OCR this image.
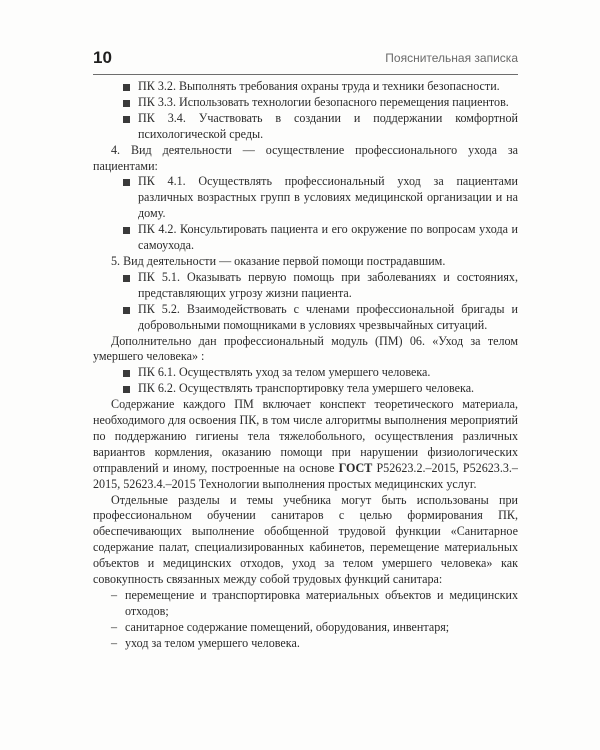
10	Пояснительная записка

ПК 3.2. Выполнять требования охраны труда и техники безопасности.

ПК 3.3. Использовать технологии безопасного перемещения пациентов.

ПК 3.4. Участвовать в создании и поддержании комфортной психологической среды.

4. Вид деятельности — осуществление профессионального ухода за пациентами:

ПК 4.1. Осуществлять профессиональный уход за пациентами различных возрастных групп в условиях медицинской организации и на дому.

ПК 4.2. Консультировать пациента и его окружение по вопросам ухода и самоухода.

5. Вид деятельности — оказание первой помощи пострадавшим.

ПК 5.1. Оказывать первую помощь при заболеваниях и состояниях, представляющих угрозу жизни пациента.

ПК 5.2. Взаимодействовать с членами профессиональной бригады и добровольными помощниками в условиях чрезвычайных ситуаций.

Дополнительно дан профессиональный модуль (ПМ) 06. «Уход за телом умершего человека» :

ПК 6.1. Осуществлять уход за телом умершего человека.

ПК 6.2. Осуществлять транспортировку тела умершего человека.

Содержание каждого ПМ включает конспект теоретического материала, необходимого для освоения ПК, в том числе алгоритмы выполнения мероприятий по поддержанию гигиены тела тяжелобольного, осуществления различных вариантов кормления, оказанию помощи при нарушении физиологических отправлений и иному, построенные на основе ГОСТ Р52623.2.–2015, Р52623.3.–2015, 52623.4.–2015 Технологии выполнения простых медицинских услуг.

Отдельные разделы и темы учебника могут быть использованы при профессиональном обучении санитаров с целью формирования ПК, обеспечивающих выполнение обобщенной трудовой функции «Санитарное содержание палат, специализированных кабинетов, перемещение материальных объектов и медицинских отходов, уход за телом умершего человека» как совокупность связанных между собой трудовых функций санитара:

– перемещение и транспортировка материальных объектов и медицинских отходов;

– санитарное содержание помещений, оборудования, инвентаря;

– уход за телом умершего человека.
